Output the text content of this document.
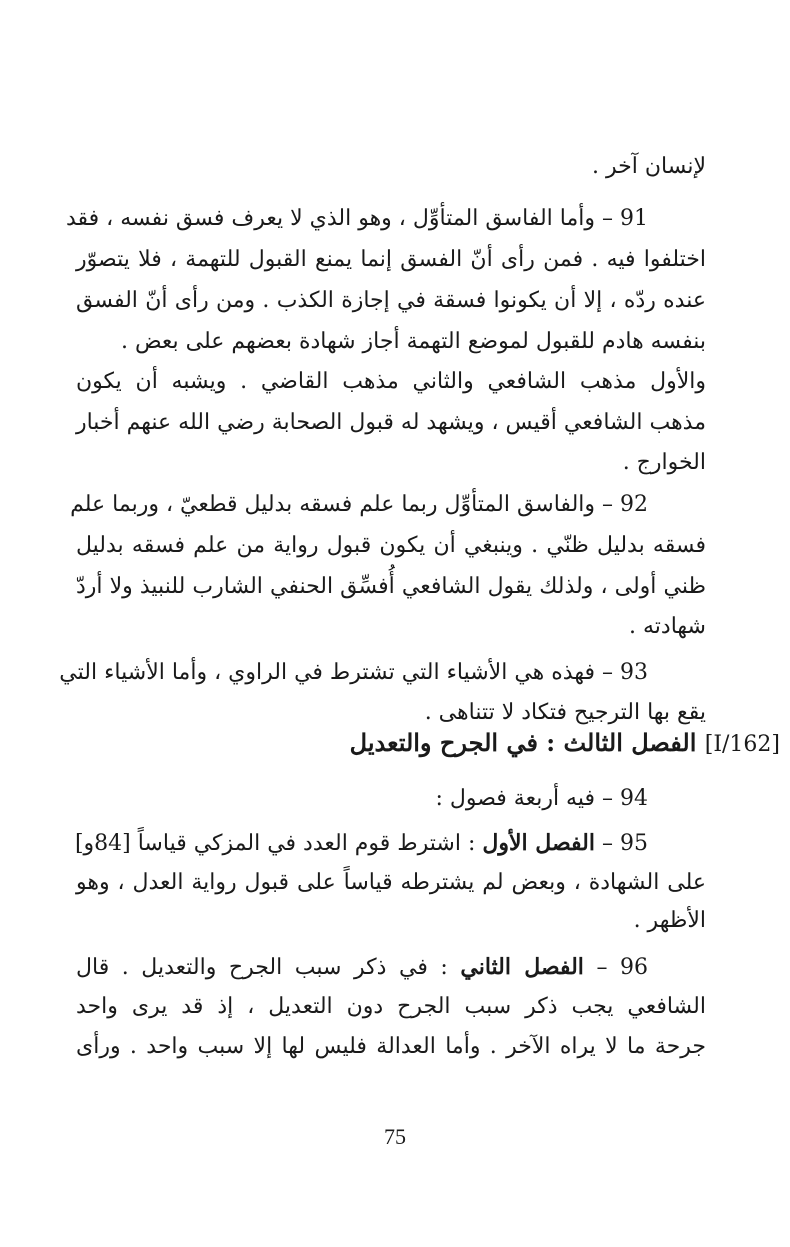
لإنسان آخر .
91 – وأما الفاسق المتأوِّل ، وهو الذي لا يعرف فسق نفسه ، فقد
اختلفوا فيه . فمن رأى أنّ الفسق إنما يمنع القبول للتهمة ، فلا يتصوّر
عنده ردّه ، إلا أن يكونوا فسقة في إجازة الكذب . ومن رأى أنّ الفسق
بنفسه هادم للقبول لموضع التهمة أجاز شهادة بعضهم على بعض .
والأول مذهب الشافعي والثاني مذهب القاضي . ويشبه أن يكون
مذهب الشافعي أقيس ، ويشهد له قبول الصحابة رضي الله عنهم أخبار
الخوارج .
92 – والفاسق المتأوِّل ربما علم فسقه بدليل قطعيّ ، وربما علم
فسقه بدليل ظنّي . وينبغي أن يكون قبول رواية من علم فسقه بدليل
ظني أولى ، ولذلك يقول الشافعي أُفسِّق الحنفي الشارب للنبيذ ولا أردّ
شهادته .
93 – فهذه هي الأشياء التي تشترط في الراوي ، وأما الأشياء التي
يقع بها الترجيح فتكاد لا تتناهى .
[I/162] الفصل الثالث : في الجرح والتعديل
94 – فيه أربعة فصول :
95 – الفصل الأول : اشترط قوم العدد في المزكي قياساً [84و]
على الشهادة ، وبعض لم يشترطه قياساً على قبول رواية العدل ، وهو
الأظهر .
96 – الفصل الثاني : في ذكر سبب الجرح والتعديل . قال
الشافعي يجب ذكر سبب الجرح دون التعديل ، إذ قد يرى واحد
جرحة ما لا يراه الآخر . وأما العدالة فليس لها إلا سبب واحد . ورأى
75
